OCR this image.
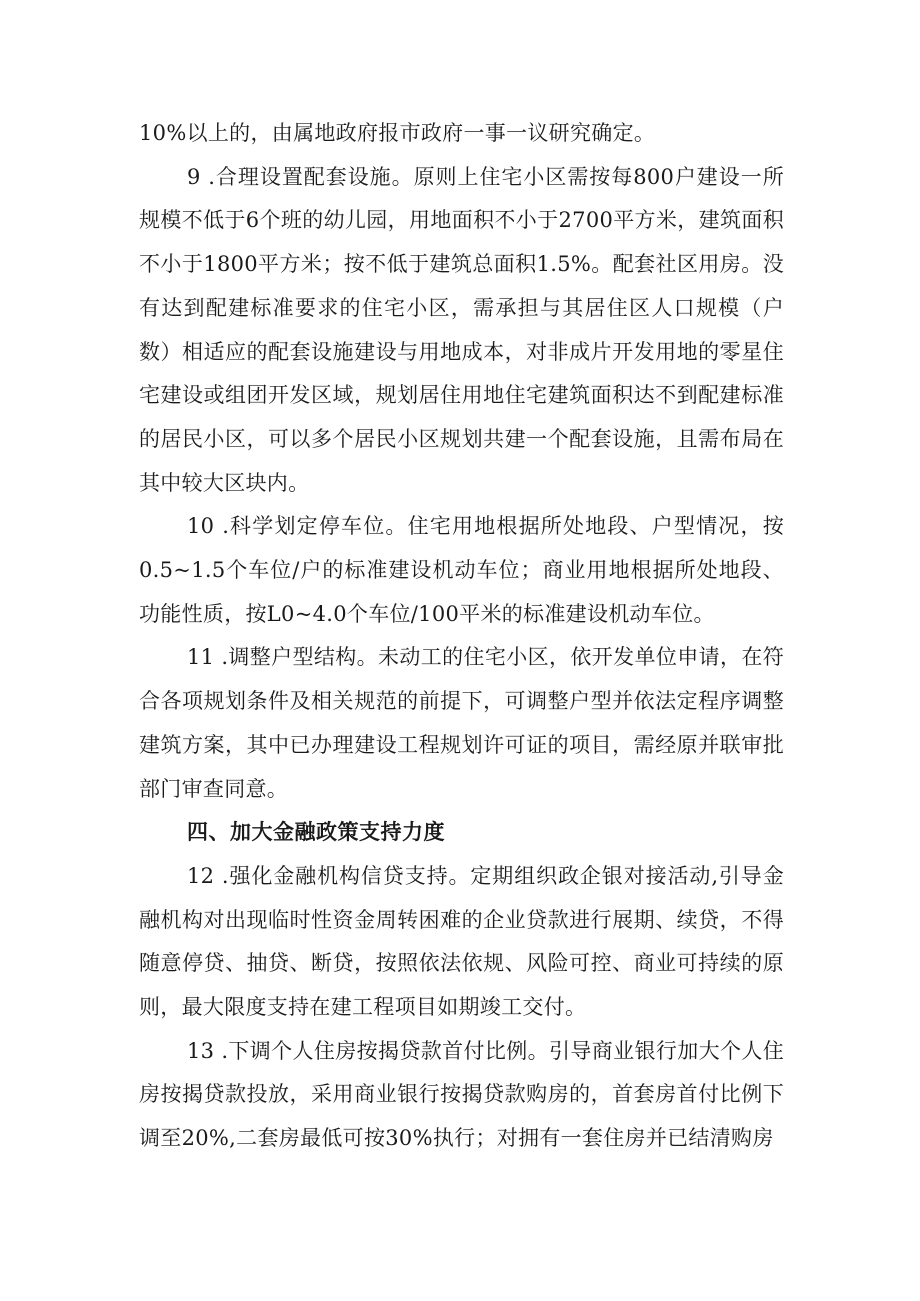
10%以上的，由属地政府报市政府一事一议研究确定。

9 .合理设置配套设施。原则上住宅小区需按每800户建设一所规模不低于6个班的幼儿园，用地面积不小于2700平方米，建筑面积不小于1800平方米；按不低于建筑总面积1.5%。配套社区用房。没有达到配建标准要求的住宅小区，需承担与其居住区人口规模（户数）相适应的配套设施建设与用地成本，对非成片开发用地的零星住宅建设或组团开发区域，规划居住用地住宅建筑面积达不到配建标准的居民小区，可以多个居民小区规划共建一个配套设施，且需布局在其中较大区块内。

10 .科学划定停车位。住宅用地根据所处地段、户型情况，按0.5~1.5个车位/户的标准建设机动车位；商业用地根据所处地段、功能性质，按L0~4.0个车位/100平米的标准建设机动车位。

11 .调整户型结构。未动工的住宅小区，依开发单位申请，在符合各项规划条件及相关规范的前提下，可调整户型并依法定程序调整建筑方案，其中已办理建设工程规划许可证的项目，需经原并联审批部门审查同意。

四、加大金融政策支持力度

12 .强化金融机构信贷支持。定期组织政企银对接活动,引导金融机构对出现临时性资金周转困难的企业贷款进行展期、续贷，不得随意停贷、抽贷、断贷，按照依法依规、风险可控、商业可持续的原则，最大限度支持在建工程项目如期竣工交付。

13 .下调个人住房按揭贷款首付比例。引导商业银行加大个人住房按揭贷款投放，采用商业银行按揭贷款购房的，首套房首付比例下调至20%,二套房最低可按30%执行；对拥有一套住房并已结清购房
